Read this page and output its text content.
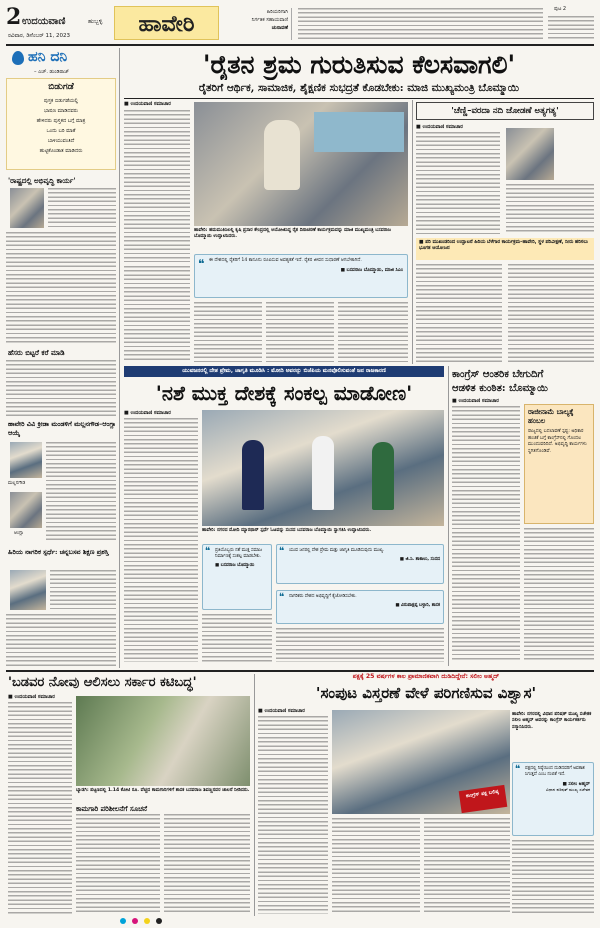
2 ಉದಯವಾಣಿ	ಹುಬ್ಬಳ್ಳಿ
ರವಿವಾರ, ಡಿಸೆಂಬರ್ 11, 2023	ಹಾವೇರಿ	ಹಿರಿಯರಿಗಾಗಿ
ನಿರ್ಗತಿಕ ಸಹಾಯವಾಣಿ
ಚುನಾವಣೆ
ಪುಟ 2
ಹನಿ ದನಿ
– ಎಚ್. ಡುಂಡಿರಾಜ್
ಬಿಡುಗಡೆ
ಪುಸ್ತಕ ಬಿಡುಗಡೆಯಲ್ಲಿ
ಭಾಷಣ ಮಾಡಿದವರು
ಹೇಳಿದರು ಪುಸ್ತಕದ ಬಗ್ಗೆ ಮಾತ್ರ
ಒಂದು ಬರಿ ಮಾತೆ
ಬಾಳಿಯುವಂತಿದೆ
ಹುಟ್ಟಿಕೊಂಡಾತ ಮಾಡಿದರು
'ರಾಷ್ಟ್ರದಲ್ಲಿ ಅಭಿವೃದ್ಧಿ ಕಾರ್ಯ'
ಹೆಸರು ಬಿಟ್ಟರೆ ಕರೆ ಮಾಡಿ
ಹಾವೇರಿ ವಿವಿ ಕ್ರೀಡಾ ಮಂಡಳಿಗೆ ಮಲ್ಲನಗೌಡ–ಆಂಗ್ಲಾ ಆಯ್ಕೆ
ಮಲ್ಲನಗೌಡ
ಆಂಗ್ಲಾ
ಹಿರಿಯ ನಾಗರಿಕ ಸ್ಪರ್ಧೆ: ಚನ್ನಬಸವ ಶಿಕ್ಷಣ ಪ್ರಶಸ್ತಿ
'ರೈತನ ಶ್ರಮ ಗುರುತಿಸುವ ಕೆಲಸವಾಗಲಿ'
ರೈತರಿಗೆ ಆರ್ಥಿಕ, ಸಾಮಾಜಿಕ, ಶೈಕ್ಷಣಿಕ ಸುಭದ್ರತೆ ಕೊಡಬೇಕು: ಮಾಜಿ ಮುಖ್ಯಮಂತ್ರಿ ಬೊಮ್ಮಾಯಿ
■ ಉದಯವಾಣಿ ಸಮಾಚಾರ
ಹಾವೇರಿ: ಹಮಮುತಿಸಿಲಲ್ಲಿ ಕೃಷಿ ಪ್ರಸಾರ ಕೇಂದ್ರದಲ್ಲಿ ಆಯೋಜಿಸಿದ್ದ ರೈತ ದಿನಾಚರಣೆ ಕಾರ್ಯಕ್ರಮವನ್ನು ಮಾಜಿ ಮುಖ್ಯಮಂತ್ರಿ ಬಸವರಾಜ ಬೊಮ್ಮಾಯಿ ಉದ್ಘಾಟಿಸಿದರು.
❝ ಈ ದೇಶದಲ್ಲಿ ರೈತರಿಗೆ 14 ಕಾನೂನು ರೂಪಿಸುವ ಅವಶ್ಯಕತೆ ಇದೆ. ರೈತರ ಜೀವನ ಸುಧಾರಣೆ ಆಗಬೇಕಾಗಿದೆ.
■ ಬಸವರಾಜ ಬೊಮ್ಮಾಯಿ, ಮಾಜಿ ಸಿಎಂ
'ಚೆಣ್ಣಿ–ವರದಾ ನದಿ ಜೋಡಣೆ ಅತ್ಯಗತ್ಯ'
■ ಉದಯವಾಣಿ ಸಮಾಚಾರ
■ ಪರಿ ಮುಖಂಡರಿಂದ ಉದ್ಘಾಟನೆ ಹಿರಿಯ ಬೆಳೆಗಾರ ಕಾರ್ಯಕ್ರಮ–ಹಾವೇರಿ, ಸ್ಥಳ ಪರಿವೀಕ್ಷಣೆ, ನೀರು ಹರಿಸಲು ಭೂಗತ ಆಯೋಜನ
ಯುವಜನರಲ್ಲಿ ದೇಶ ಪ್ರೇಮ, ಜಾಗೃತಿ ಮೂಡಿಸಿ : ಮೋದಿ ಅವರನ್ನು ಬಿಜೆಪಿಯ ಮನವೊಲಿಸುವಂತೆ ಜನ ರಾಜಕಾರಣಿ
'ನಶೆ ಮುಕ್ತ ದೇಶಕ್ಕೆ ಸಂಕಲ್ಪ ಮಾಡೋಣ'
■ ಉದಯವಾಣಿ ಸಮಾಚಾರ
ಹಾವೇರಿ: ನಗರದ ಮೋದಿ ಮ್ಯಾರಥಾನ್ ಸ್ಪರ್ಧೆ ಓಟವನ್ನು ಸಂಸದ ಬಸವರಾಜ ಬೊಮ್ಮಾಯಿ ಸ್ವಾಗತಿಸಿ ಉದ್ಘಾಟಿಸಿದರು.
❝ ಪ್ರತಿಯೊಬ್ಬರು ನಶೆ ಮುಕ್ತ ಸಮಾಜ ನಿರ್ಮಾಣಕ್ಕೆ ಸಂಕಲ್ಪ ಮಾಡಬೇಕು.
■ ಬಸವರಾಜ ಬೊಮ್ಮಾಯಿ
❝ ಯುವ ಜನರಲ್ಲಿ ದೇಶ ಪ್ರೇಮ ಮತ್ತು ಜಾಗೃತಿ ಮೂಡಿಸುವುದು ಮುಖ್ಯ.
■ ಜಿ.ಸಿ. ಶಾಕಾಲು, ಸಂಸದ
❝ ನಾಗರಿಕರು ದೇಶದ ಅಭಿವೃದ್ಧಿಗೆ ಕೈಜೋಡಿಸಬೇಕು.
■ ವಿರುಪಾಕ್ಷಪ್ಪ ಬಳ್ಳಾರಿ, ಶಾಸಕ
ಕಾಂಗ್ರೆಸ್ ಆಂತರಿಕ ಬೇಗುದಿಗೆ
ಆಡಳಿತ ಕುಂಠಿತ: ಬೊಮ್ಮಾಯಿ
■ ಉದಯವಾಣಿ ಸಮಾಚಾರ
ರಾಜೀನಾಮೆ ಬಾಲ್ಯಕ್ಕೆ ಹಂಬಲ
ರಾಜ್ಯದಲ್ಲಿ ಬದಲಾವಣೆ ಸ್ಪಷ್ಟ: ಅಧಿಕಾರ ಹಂಚಿಕೆ ಬಗ್ಗೆ ಕಾಂಗ್ರೆಸ್‌ನಲ್ಲಿ ಗೊಂದಲ ಮುಂದುವರಿದಿದೆ. ಅಭಿವೃದ್ಧಿ ಕಾರ್ಯಗಳು ಸ್ಥಗಿತಗೊಂಡಿವೆ.
'ಬಡವರ ನೋವು ಆಲಿಸಲು ಸರ್ಕಾರ ಕಟಿಬದ್ಧ'
■ ಉದಯವಾಣಿ ಸಮಾಚಾರ
ಬ್ಯಾಡಗಿ: ಪಟ್ಟಣದಲ್ಲಿ 1.14 ಕೋಟಿ ರೂ. ವೆಚ್ಚದ ಕಾಮಗಾರಿಗಳಿಗೆ ಶಾಸಕ ಬಸವರಾಜ ಶಿವಣ್ಣನವರ ಚಾಲನೆ ನೀಡಿದರು.
ಕಾಮಗಾರಿ ಪರಿಶೀಲನೆಗೆ ಸೂಚನೆ
ಪಕ್ಷಕ್ಕೆ 25 ವರ್ಷಗಳ ಕಾಲ ಪ್ರಾಮಾಣಿಕವಾಗಿ ದುಡಿದಿದ್ದೇನೆ: ಸಲೀಂ ಅಹ್ಮದ್
'ಸಂಪುಟ ವಿಸ್ತರಣೆ ವೇಳೆ ಪರಿಗಣಿಸುವ ವಿಶ್ವಾಸ'
■ ಉದಯವಾಣಿ ಸಮಾಚಾರ
ಕಾಂಗ್ರೆಸ್ ಪಕ್ಷ ಬಲಿಷ್ಠ
ಹಾವೇರಿ: ನಗರದಲ್ಲಿ ವಿಧಾನ ಪರಿಷತ್ ಮುಖ್ಯ ಸಚೇತಕ ಸಲೀಂ ಅಹ್ಮದ್ ಅವರನ್ನು ಕಾಂಗ್ರೆಸ್ ಕಾರ್ಯಕರ್ತರು ಸನ್ಮಾನಿಸಿದರು.
❝ ಪಕ್ಷದಲ್ಲಿ ನಿಷ್ಠೆಯಿಂದ ದುಡಿದವರಿಗೆ ಅವಕಾಶ ಸಿಗುತ್ತದೆ ಎಂಬ ನಂಬಿಕೆ ಇದೆ.
■ ಸಲೀಂ ಅಹ್ಮದ್
ವಿಧಾನ ಪರಿಷತ್ ಮುಖ್ಯ ಸಚೇತಕ
